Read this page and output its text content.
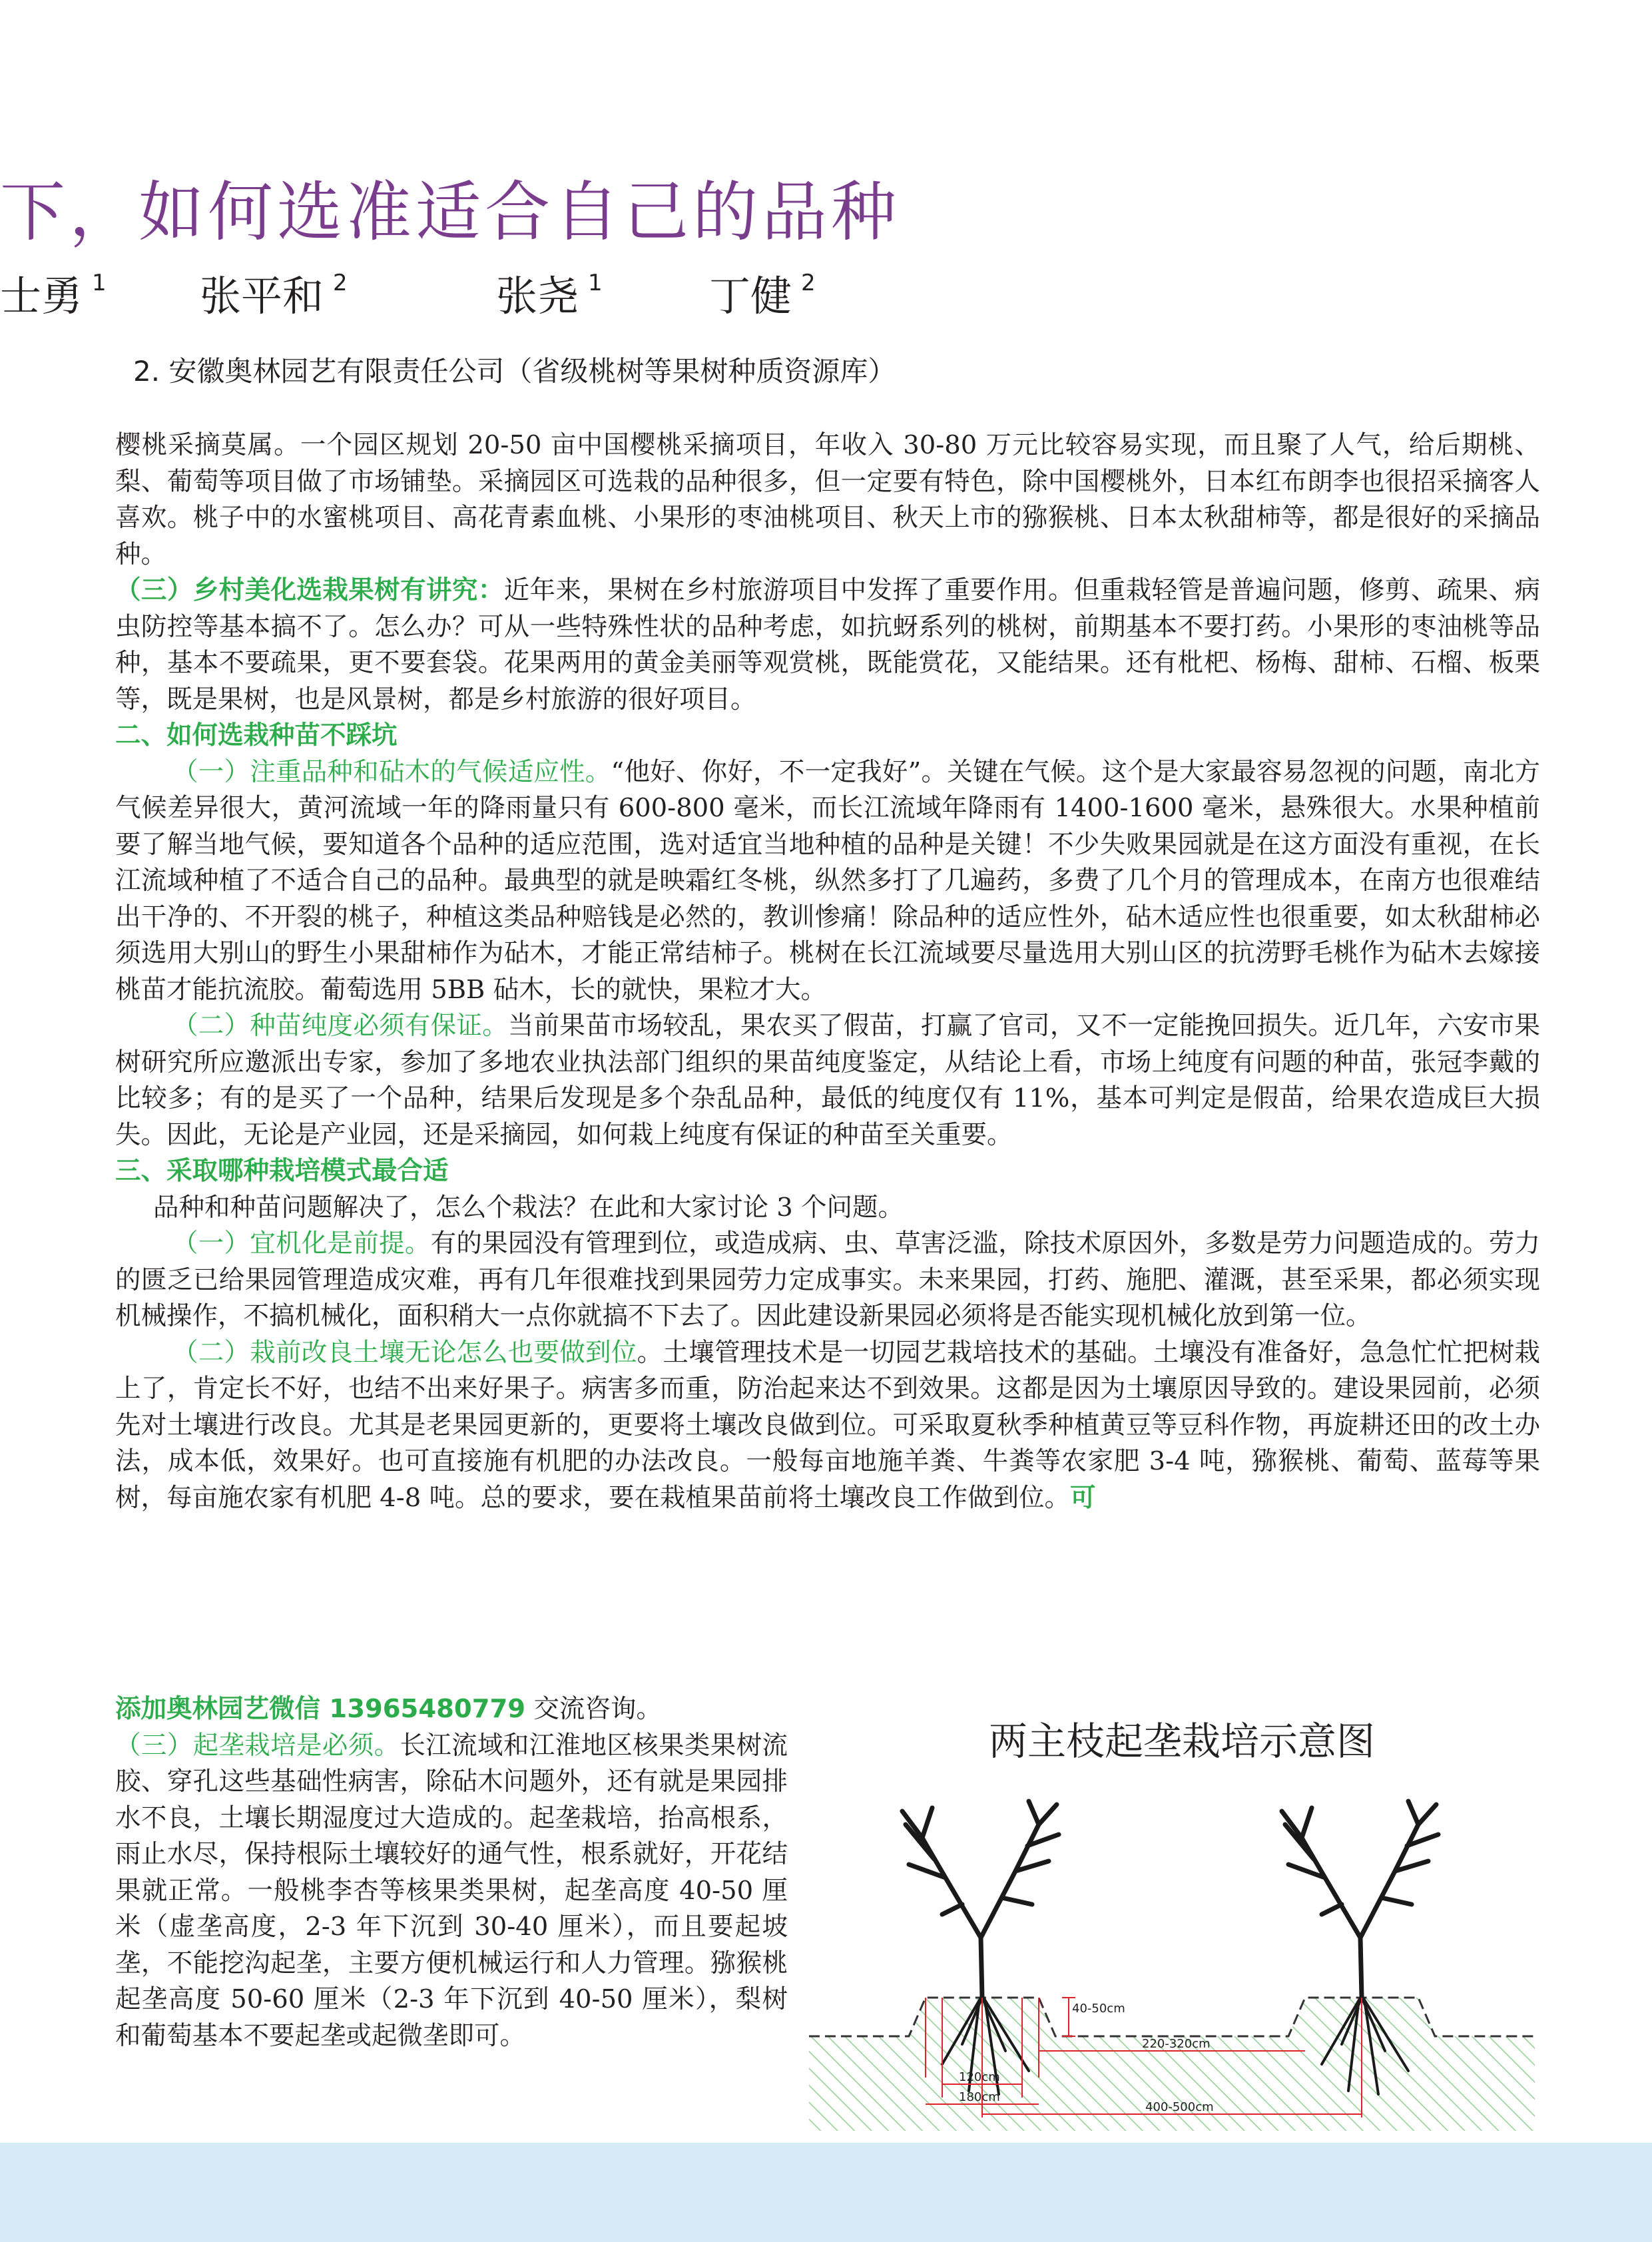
下，如何选准适合自己的品种
士勇 $^1$ 张平和 $^2$	张尧 $^1$	丁健 $^2$
2. 安徽奥林园艺有限责任公司（省级桃树等果树种质资源库）

樱桃采摘莫属。一个园区规划 20-50 亩中国樱桃采摘项目，年收入 30-80 万元比较容易实现，而且聚了人气，给后期桃、梨、葡萄等项目做了市场铺垫。采摘园区可选栽的品种很多，但一定要有特色，除中国樱桃外，日本红布朗李也很招采摘客人喜欢。桃子中的水蜜桃项目、高花青素血桃、小果形的枣油桃项目、秋天上市的猕猴桃、日本太秋甜柿等，都是很好的采摘品种。

（三）乡村美化选栽果树有讲究：近年来，果树在乡村旅游项目中发挥了重要作用。但重栽轻管是普遍问题，修剪、疏果、病虫防控等基本搞不了。怎么办？可从一些特殊性状的品种考虑，如抗蚜系列的桃树，前期基本不要打药。小果形的枣油桃等品种，基本不要疏果，更不要套袋。花果两用的黄金美丽等观赏桃，既能赏花，又能结果。还有枇杷、杨梅、甜柿、石榴、板栗等，既是果树，也是风景树，都是乡村旅游的很好项目。

二、如何选栽种苗不踩坑

（一）注重品种和砧木的气候适应性。“他好、你好，不一定我好”。关键在气候。这个是大家最容易忽视的问题，南北方气候差异很大，黄河流域一年的降雨量只有 600-800 毫米，而长江流域年降雨有 1400-1600 毫米，悬殊很大。水果种植前要了解当地气候，要知道各个品种的适应范围，选对适宜当地种植的品种是关键！不少失败果园就是在这方面没有重视，在长江流域种植了不适合自己的品种。最典型的就是映霜红冬桃，纵然多打了几遍药，多费了几个月的管理成本，在南方也很难结出干净的、不开裂的桃子，种植这类品种赔钱是必然的，教训惨痛！除品种的适应性外，砧木适应性也很重要，如太秋甜柿必须选用大别山的野生小果甜柿作为砧木，才能正常结柿子。桃树在长江流域要尽量选用大别山区的抗涝野毛桃作为砧木去嫁接桃苗才能抗流胶。葡萄选用 5BB 砧木，长的就快，果粒才大。

（二）种苗纯度必须有保证。当前果苗市场较乱，果农买了假苗，打赢了官司，又不一定能挽回损失。近几年，六安市果树研究所应邀派出专家，参加了多地农业执法部门组织的果苗纯度鉴定，从结论上看，市场上纯度有问题的种苗，张冠李戴的比较多；有的是买了一个品种，结果后发现是多个杂乱品种，最低的纯度仅有 11%，基本可判定是假苗，给果农造成巨大损失。因此，无论是产业园，还是采摘园，如何栽上纯度有保证的种苗至关重要。

三、采取哪种栽培模式最合适

品种和种苗问题解决了，怎么个栽法？在此和大家讨论 3 个问题。

（一）宜机化是前提。有的果园没有管理到位，或造成病、虫、草害泛滥，除技术原因外，多数是劳力问题造成的。劳力的匮乏已给果园管理造成灾难，再有几年很难找到果园劳力定成事实。未来果园，打药、施肥、灌溉，甚至采果，都必须实现机械操作，不搞机械化，面积稍大一点你就搞不下去了。因此建设新果园必须将是否能实现机械化放到第一位。

（二）栽前改良土壤无论怎么也要做到位。土壤管理技术是一切园艺栽培技术的基础。土壤没有准备好，急急忙忙把树栽上了，肯定长不好，也结不出来好果子。病害多而重，防治起来达不到效果。这都是因为土壤原因导致的。建设果园前，必须先对土壤进行改良。尤其是老果园更新的，更要将土壤改良做到位。可采取夏秋季种植黄豆等豆科作物，再旋耕还田的改土办法，成本低，效果好。也可直接施有机肥的办法改良。一般每亩地施羊粪、牛粪等农家肥 3-4 吨，猕猴桃、葡萄、蓝莓等果树，每亩施农家有机肥 4-8 吨。总的要求，要在栽植果苗前将土壤改良工作做到位。可

添加奥林园艺微信 13965480779 交流咨询。

（三）起垄栽培是必须。长江流域和江淮地区核果类果树流胶、穿孔这些基础性病害，除砧木问题外，还有就是果园排水不良，土壤长期湿度过大造成的。起垄栽培，抬高根系，雨止水尽，保持根际土壤较好的通气性，根系就好，开花结果就正常。一般桃李杏等核果类果树，起垄高度 40-50 厘米（虚垄高度，2-3 年下沉到 30-40 厘米），而且要起坡垄，不能挖沟起垄，主要方便机械运行和人力管理。猕猴桃起垄高度 50-60 厘米（2-3 年下沉到 40-50 厘米），梨树和葡萄基本不要起垄或起微垄即可。

两主枝起垄栽培示意图
40-50cm
220-320cm
120cm
180cm
400-500cm
